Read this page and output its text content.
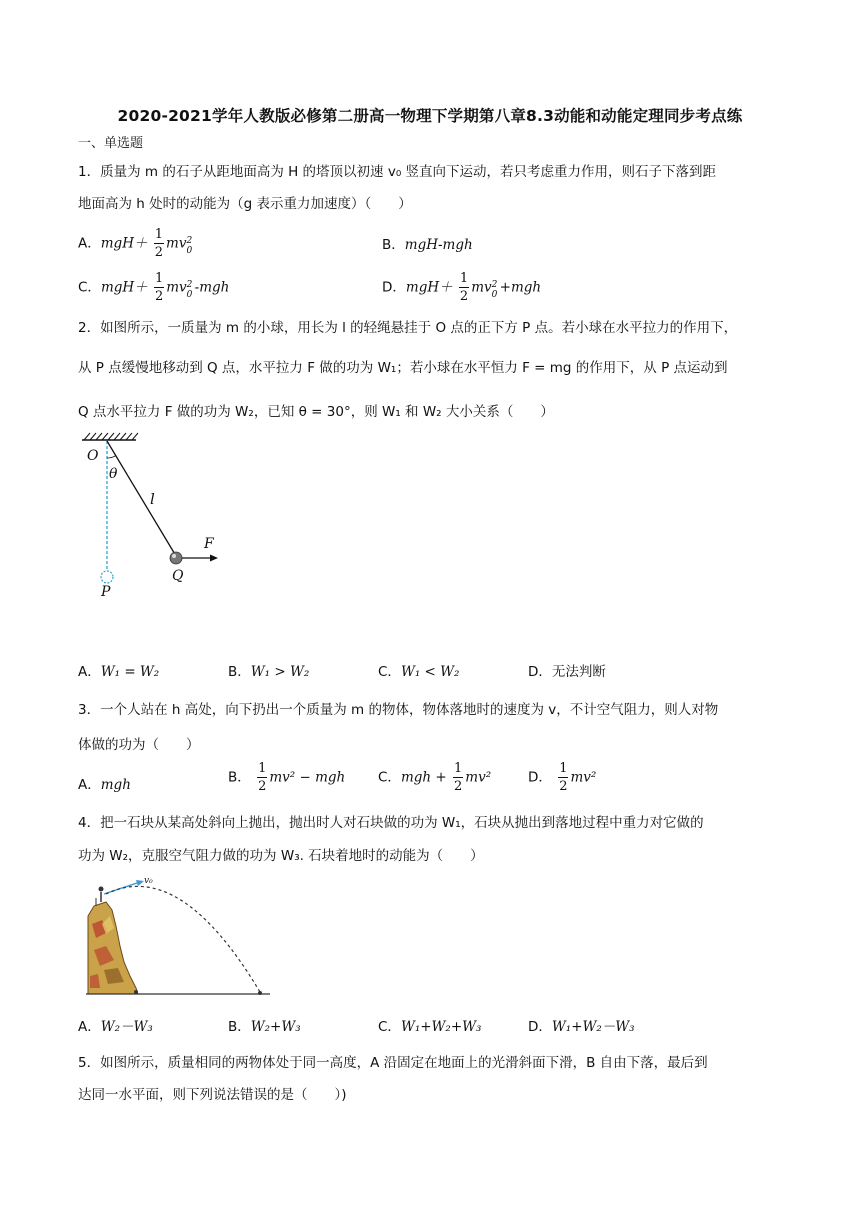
2020-2021学年人教版必修第二册高一物理下学期第八章8.3动能和动能定理同步考点练
一、单选题
1．质量为 m 的石子从距地面高为 H 的塔顶以初速 v₀ 竖直向下运动，若只考虑重力作用，则石子下落到距
地面高为 h 处时的动能为（g 表示重力加速度）（　　）
A．$mgH+ \frac{1}{2}$ mv 2
0	B．mgH-mgh
C．$mgH+ \frac{1}{2}$ mv 2
0 -mgh	D．$mgH+ \frac{1}{2}$ mv 2
0 +mgh
2．如图所示，一质量为 m 的小球，用长为 l 的轻绳悬挂于 O 点的正下方 P 点。若小球在水平拉力的作用下，
从 P 点缓慢地移动到 Q 点，水平拉力 F 做的功为 W₁；若小球在水平恒力 F = mg 的作用下，从 P 点运动到
Q 点水平拉力 F 做的功为 W₂，已知 θ = 30°，则 W₁ 和 W₂ 大小关系（　　）
O
θ
l
F
Q
P
A．W₁ = W₂	B．W₁ > W₂	C．W₁ < W₂	D．无法判断
3．一个人站在 h 高处，向下扔出一个质量为 m 的物体，物体落地时的速度为 v，不计空气阻力，则人对物
体做的功为（　　）
A．mgh	B． $\frac{1}{2} mv^2$ − mgh C．mgh + $\frac{1}{2} mv^2$	D． $\frac{1}{2} mv^2$
4．把一石块从某高处斜向上抛出，抛出时人对石块做的功为 W₁，石块从抛出到落地过程中重力对它做的
功为 W₂，克服空气阻力做的功为 W₃. 石块着地时的动能为（　　）
v₀
A．W₂－W₃	B．W₂+W₃	C．W₁+W₂+W₃	D．W₁+W₂－W₃
5．如图所示，质量相同的两物体处于同一高度，A 沿固定在地面上的光滑斜面下滑，B 自由下落，最后到
达同一水平面，则下列说法错误的是（　　）)
